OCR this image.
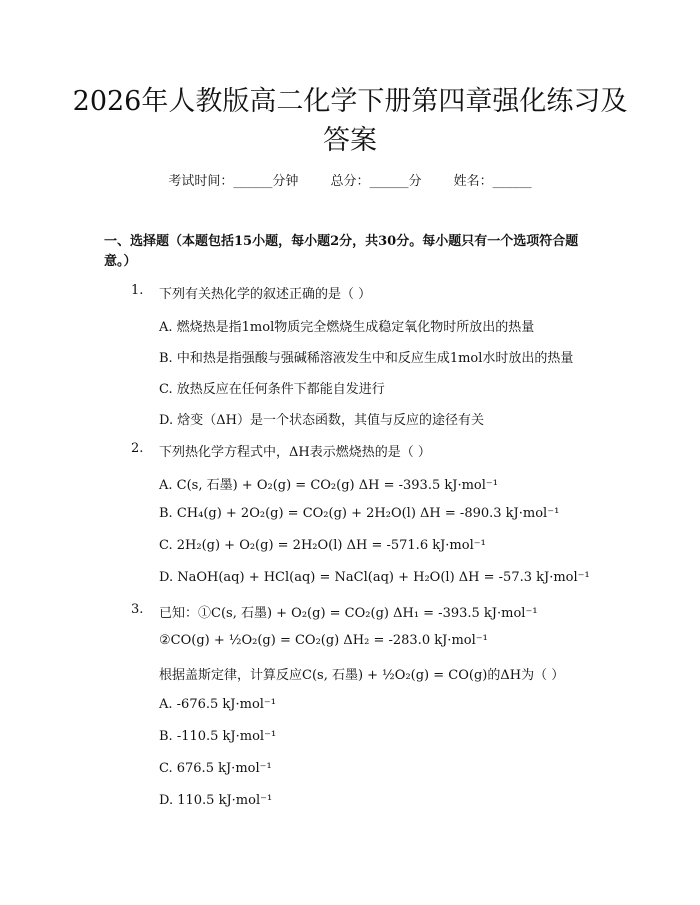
2026年人教版高二化学下册第四章强化练习及答案
考试时间：______分钟 总分：______分 姓名：______
一、选择题（本题包括15小题，每小题2分，共30分。每小题只有一个选项符合题意。）
1. 下列有关热化学的叙述正确的是（ ）
A. 燃烧热是指1mol物质完全燃烧生成稳定氧化物时所放出的热量
B. 中和热是指强酸与强碱稀溶液发生中和反应生成1mol水时放出的热量
C. 放热反应在任何条件下都能自发进行
D. 焓变（ΔH）是一个状态函数，其值与反应的途径有关
2. 下列热化学方程式中，ΔH表示燃烧热的是（ ）
A. C(s, 石墨) + O₂(g) = CO₂(g) ΔH = -393.5 kJ·mol⁻¹
B. CH₄(g) + 2O₂(g) = CO₂(g) + 2H₂O(l) ΔH = -890.3 kJ·mol⁻¹
C. 2H₂(g) + O₂(g) = 2H₂O(l) ΔH = -571.6 kJ·mol⁻¹
D. NaOH(aq) + HCl(aq) = NaCl(aq) + H₂O(l) ΔH = -57.3 kJ·mol⁻¹
3. 已知：①C(s, 石墨) + O₂(g) = CO₂(g) ΔH₁ = -393.5 kJ·mol⁻¹
②CO(g) + ½O₂(g) = CO₂(g) ΔH₂ = -283.0 kJ·mol⁻¹
根据盖斯定律，计算反应C(s, 石墨) + ½O₂(g) = CO(g)的ΔH为（ ）
A. -676.5 kJ·mol⁻¹
B. -110.5 kJ·mol⁻¹
C. 676.5 kJ·mol⁻¹
D. 110.5 kJ·mol⁻¹
